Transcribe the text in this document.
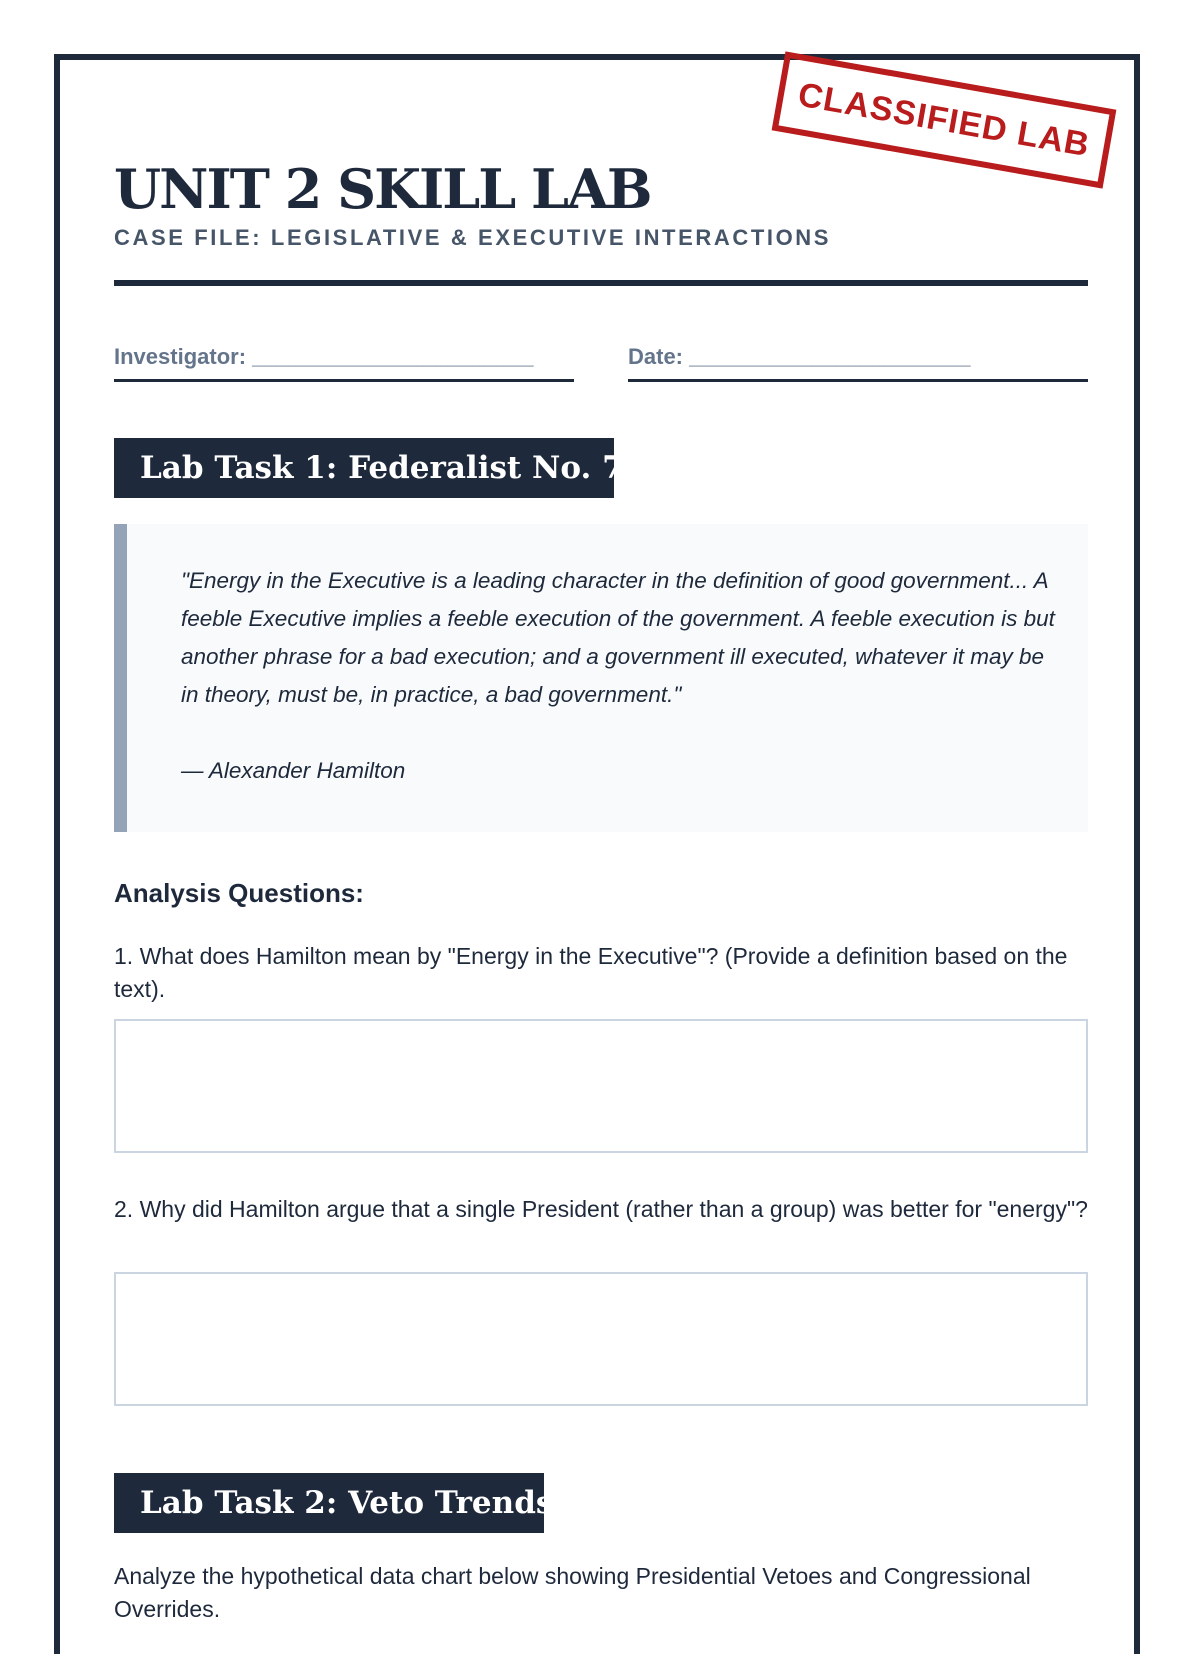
CLASSIFIED LAB
UNIT 2 SKILL LAB
CASE FILE: LEGISLATIVE & EXECUTIVE INTERACTIONS
Investigator: _______________________	Date: _______________________
Lab Task 1: Federalist No. 70
"Energy in the Executive is a leading character in the definition of good government... A feeble Executive implies a feeble execution of the government. A feeble execution is but another phrase for a bad execution; and a government ill executed, whatever it may be in theory, must be, in practice, a bad government."
— Alexander Hamilton
Analysis Questions:
1. What does Hamilton mean by "Energy in the Executive"? (Provide a definition based on the text).
2. Why did Hamilton argue that a single President (rather than a group) was better for "energy"?
Lab Task 2: Veto Trends
Analyze the hypothetical data chart below showing Presidential Vetoes and Congressional Overrides.
